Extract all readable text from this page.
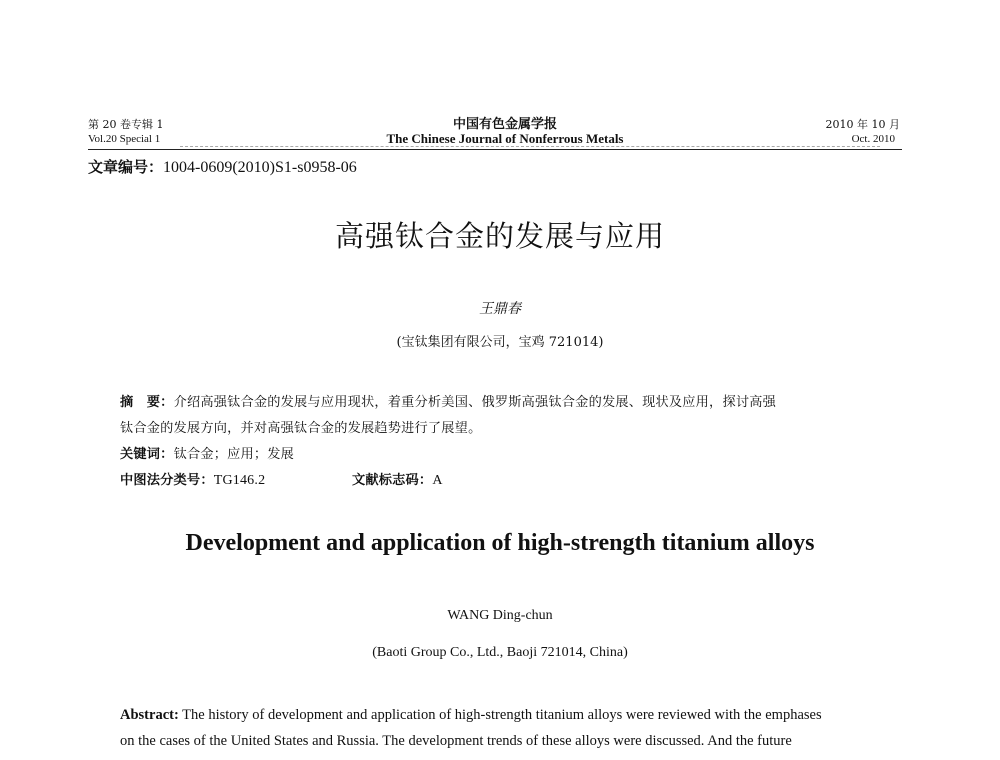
第 20 卷专辑 1
Vol.20 Special 1
中国有色金属学报
The Chinese Journal of Nonferrous Metals
2010 年 10 月
Oct. 2010
文章编号：1004-0609(2010)S1-s0958-06
高强钛合金的发展与应用
王鼎春
(宝钛集团有限公司，宝鸡 721014)
摘　要：介绍高强钛合金的发展与应用现状，着重分析美国、俄罗斯高强钛合金的发展、现状及应用，探讨高强
钛合金的发展方向，并对高强钛合金的发展趋势进行了展望。
关键词：钛合金；应用；发展
中图法分类号：TG146.2	文献标志码：A
Development and application of high-strength titanium alloys
WANG Ding-chun
(Baoti Group Co., Ltd., Baoji 721014, China)
Abstract: The history of development and application of high-strength titanium alloys were reviewed with the emphases
on the cases of the United States and Russia. The development trends of these alloys were discussed. And the future
